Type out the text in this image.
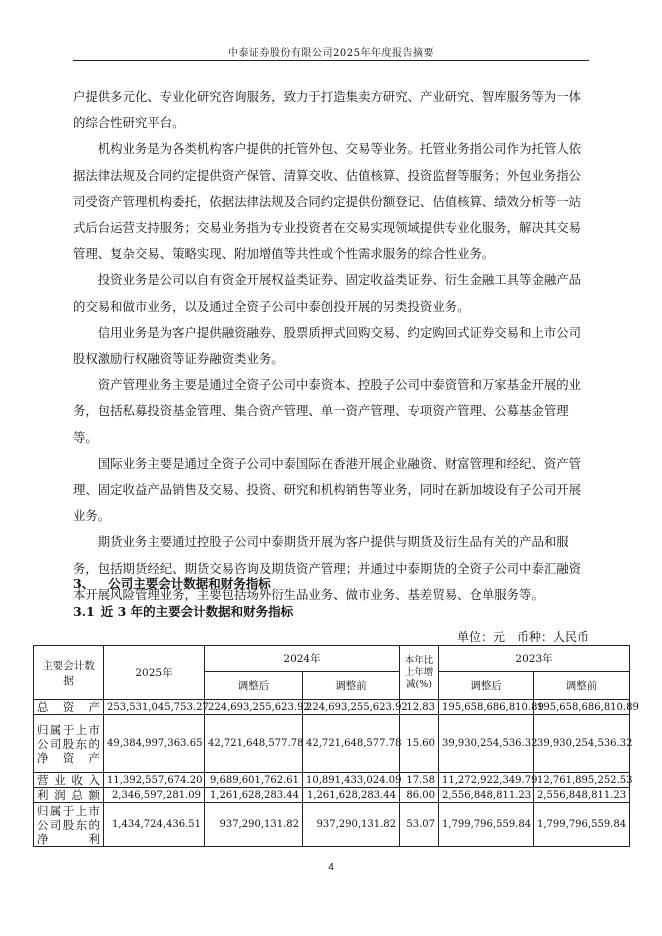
中泰证券股份有限公司2025年年度报告摘要

户提供多元化、专业化研究咨询服务，致力于打造集卖方研究、产业研究、智库服务等为一体的综合性研究平台。

机构业务是为各类机构客户提供的托管外包、交易等业务。托管业务指公司作为托管人依据法律法规及合同约定提供资产保管、清算交收、估值核算、投资监督等服务；外包业务指公司受资产管理机构委托，依据法律法规及合同约定提供份额登记、估值核算、绩效分析等一站式后台运营支持服务；交易业务指为专业投资者在交易实现领域提供专业化服务，解决其交易管理、复杂交易、策略实现、附加增值等共性或个性需求服务的综合性业务。

投资业务是公司以自有资金开展权益类证券、固定收益类证券、衍生金融工具等金融产品的交易和做市业务，以及通过全资子公司中泰创投开展的另类投资业务。

信用业务是为客户提供融资融券、股票质押式回购交易、约定购回式证券交易和上市公司股权激励行权融资等证券融资类业务。

资产管理业务主要是通过全资子公司中泰资本、控股子公司中泰资管和万家基金开展的业务，包括私募投资基金管理、集合资产管理、单一资产管理、专项资产管理、公募基金管理等。

国际业务主要是通过全资子公司中泰国际在香港开展企业融资、财富管理和经纪、资产管理、固定收益产品销售及交易、投资、研究和机构销售等业务，同时在新加坡设有子公司开展业务。

期货业务主要通过控股子公司中泰期货开展为客户提供与期货及衍生品有关的产品和服务，包括期货经纪、期货交易咨询及期货资产管理；并通过中泰期货的全资子公司中泰汇融资本开展风险管理业务，主要包括场外衍生品业务、做市业务、基差贸易、仓单服务等。

3、 公司主要会计数据和财务指标
3.1 近 3 年的主要会计数据和财务指标
单位：元　币种：人民币
主要会计数据	2025年	2024年		本年比上年增减(%)	2023年	
		调整后	调整前		调整后	调整前
总资产	253,531,045,753.27	224,693,255,623.92	224,693,255,623.92	12.83	195,658,686,810.89	195,658,686,810.89
归属于上市公司股东的净资产	49,384,997,363.65	42,721,648,577.78	42,721,648,577.78	15.60	39,930,254,536.32	39,930,254,536.32
营业收入	11,392,557,674.20	9,689,601,762.61	10,891,433,024.09	17.58	11,272,922,349.79	12,761,895,252.53
利润总额	2,346,597,281.09	1,261,628,283.44	1,261,628,283.44	86.00	2,556,848,811.23	2,556,848,811.23
归属于上市公司股东的净利	1,434,724,436.51	937,290,131.82	937,290,131.82	53.07	1,799,796,559.84	1,799,796,559.84
4
